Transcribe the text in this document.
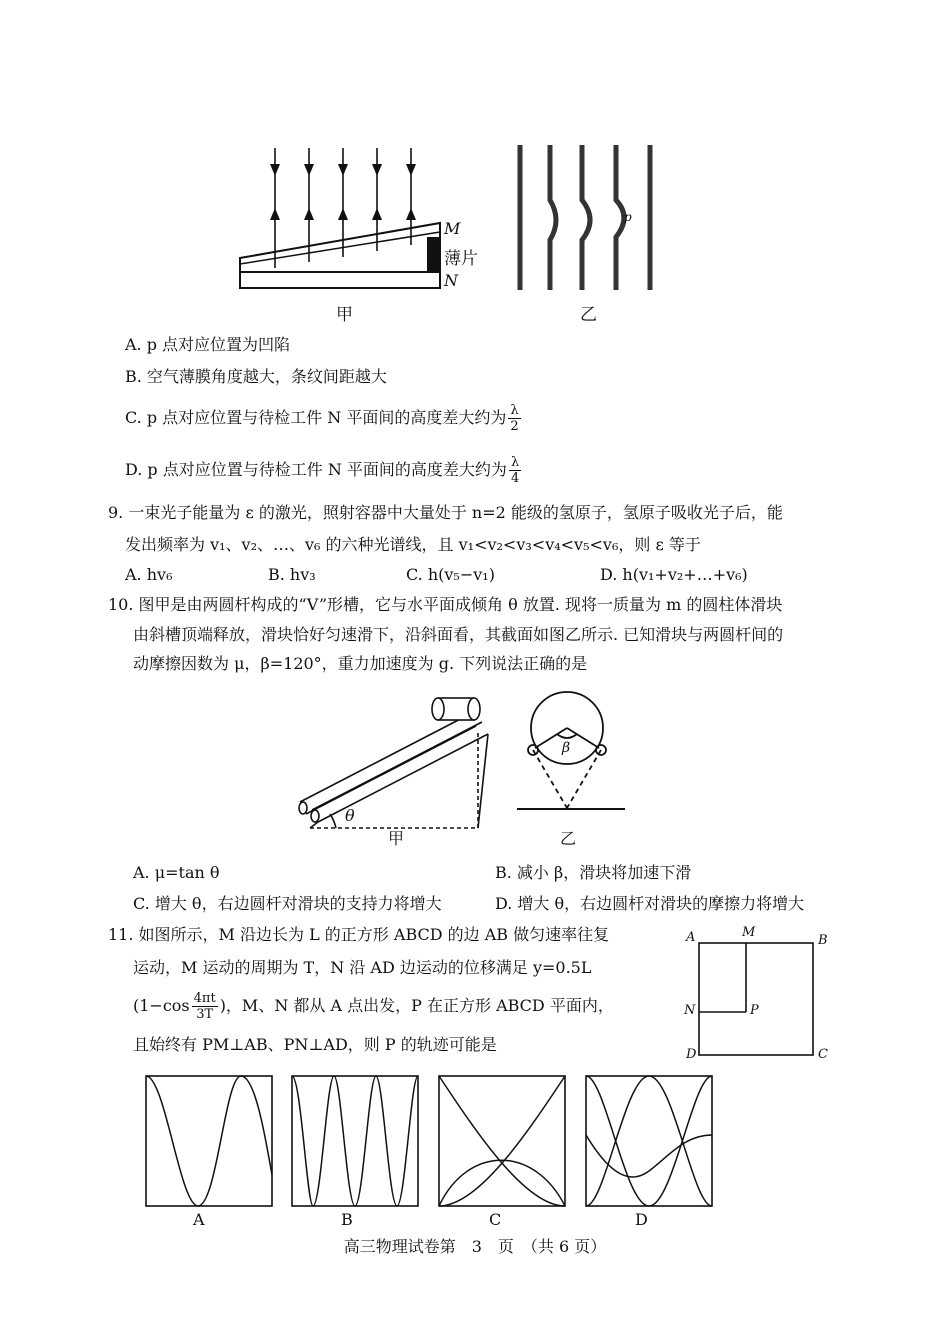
M
薄片
N
甲
p
乙
A. p 点对应位置为凹陷
B. 空气薄膜角度越大，条纹间距越大
C. p 点对应位置与待检工件 N 平面间的高度差大约为 $\frac{\lambda}{2}$
D. p 点对应位置与待检工件 N 平面间的高度差大约为 $\frac{\lambda}{4}$
9. 一束光子能量为 ε 的激光，照射容器中大量处于 n=2 能级的氢原子，氢原子吸收光子后，能
发出频率为 v₁、v₂、…、v₆ 的六种光谱线，且 v₁<v₂<v₃<v₄<v₅<v₆，则 ε 等于
A. hv₆	B. hv₃	C. h(v₅−v₁)	D. h(v₁+v₂+…+v₆)
10. 图甲是由两圆杆构成的“V”形槽，它与水平面成倾角 θ 放置. 现将一质量为 m 的圆柱体滑块
由斜槽顶端释放，滑块恰好匀速滑下，沿斜面看，其截面如图乙所示. 已知滑块与两圆杆间的
动摩擦因数为 μ，β=120°，重力加速度为 g. 下列说法正确的是
θ
甲
β
乙
A. μ=tan θ	B. 减小 β，滑块将加速下滑
C. 增大 θ，右边圆杆对滑块的支持力将增大	D. 增大 θ，右边圆杆对滑块的摩擦力将增大
11. 如图所示，M 沿边长为 L 的正方形 ABCD 的边 AB 做匀速率往复
运动，M 运动的周期为 T，N 沿 AD 边运动的位移满足 y=0.5L
($1-\cos \frac{4\pi t}{3T}$ )，M、N 都从 A 点出发，P 在正方形 ABCD 平面内，
且始终有 PM⊥AB、PN⊥AD，则 P 的轨迹可能是
A	M
B
N	P
D	C
A	B	C	D
高三物理试卷第　3　页　（共 6 页）
